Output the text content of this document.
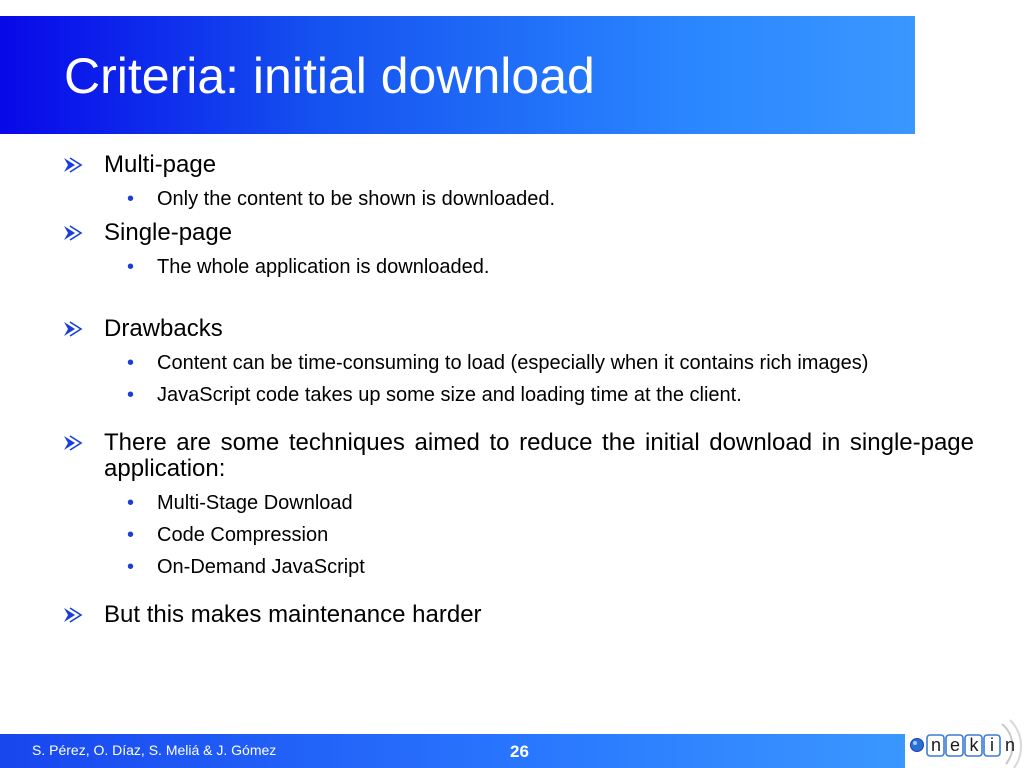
Criteria: initial download
Multi-page
• Only the content to be shown is downloaded.
Single-page
• The whole application is downloaded.
Drawbacks
• Content can be time-consuming to load (especially when it contains rich images)
• JavaScript code takes up some size and loading time at the client.
There are some techniques aimed to reduce the initial download in single-page application:
• Multi-Stage Download
• Code Compression
• On-Demand JavaScript
But this makes maintenance harder
S. Pérez, O. Díaz, S. Meliá & J. Gómez	26	n e k i n
